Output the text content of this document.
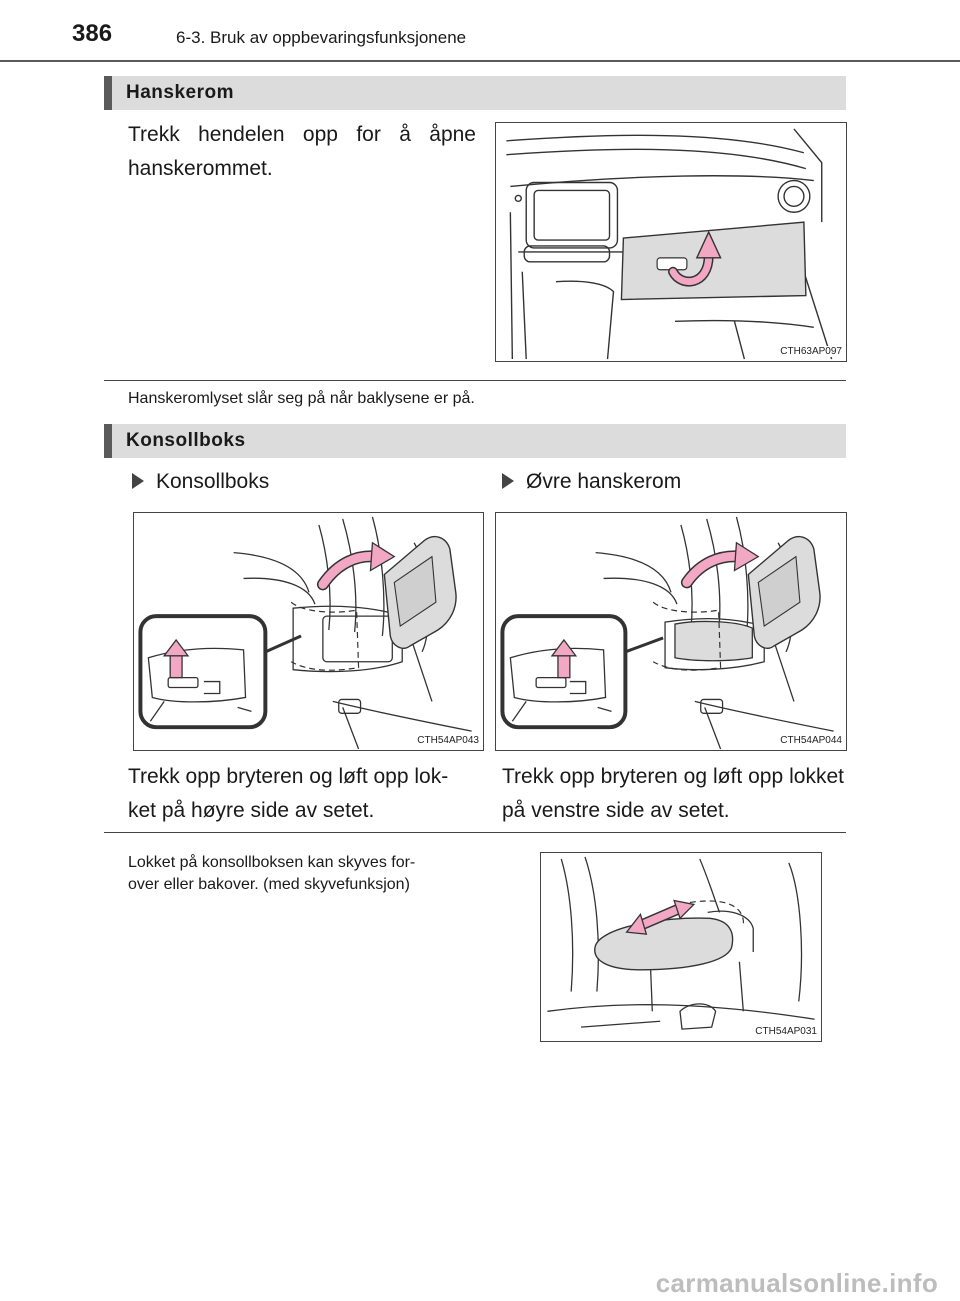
386	6-3. Bruk av oppbevaringsfunksjonene
Hanskerom
Trekk hendelen opp for å åpne hanskerommet.
CTH63AP097
Hanskeromlyset slår seg på når baklysene er på.
Konsollboks
Konsollboks	Øvre hanskerom
CTH54AP043	CTH54AP044
Trekk opp bryteren og løft opp lok-
ket på høyre side av setet.
Trekk opp bryteren og løft opp lokket på venstre side av setet.
Lokket på konsollboksen kan skyves for-
over eller bakover. (med skyvefunksjon)
CTH54AP031
carmanualsonline.info
